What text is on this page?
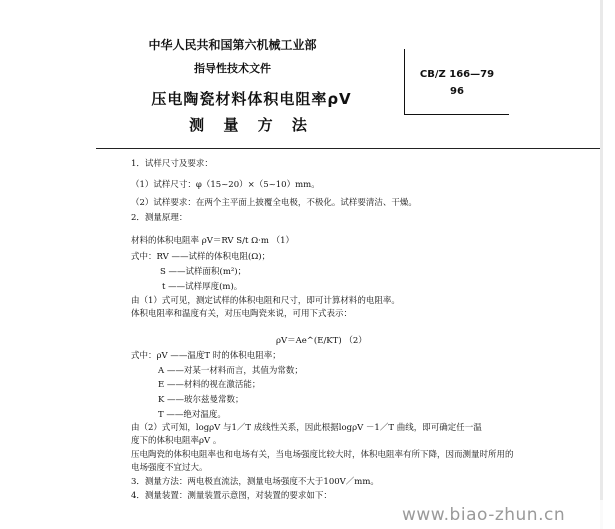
中华人民共和国第六机械工业部
指导性技术文件
压电陶瓷材料体积电阻率ρV
测 量 方 法
CB/Z 166—79
96
1．试样尺寸及要求：
（1）试样尺寸：φ（15~20）×（5~10）mm。
（2）试样要求：在两个主平面上披覆全电极，不极化。试样要清洁、干燥。
2．测量原理：
材料的体积电阻率 ρV＝RV S/t Ω·m （1）
式中：RV ——试样的体积电阻(Ω)；
S ——试样面积(m²)；
t ——试样厚度(m)。
由（1）式可见，测定试样的体积电阻和尺寸，即可计算材料的电阻率。
体积电阻率和温度有关，对压电陶瓷来说，可用下式表示：
ρV＝Ae^(E/KT) （2）
式中：ρV ——温度T 时的体积电阻率；
A ——对某一材料而言，其值为常数；
E ——材料的视在激活能；
K ——玻尔兹曼常数；
T ——绝对温度。
由（2）式可知，logρV 与1／T 成线性关系，因此根据logρV －1／T 曲线，即可确定任一温
度下的体积电阻率ρV 。
压电陶瓷的体积电阻率也和电场有关，当电场强度比较大时，体积电阻率有所下降，因而测量时所用的
电场强度不宜过大。
3．测量方法：两电极直流法，测量电场强度不大于100V／mm。
4．测量装置：测量装置示意图，对装置的要求如下：
www.biao-zhun.cn
